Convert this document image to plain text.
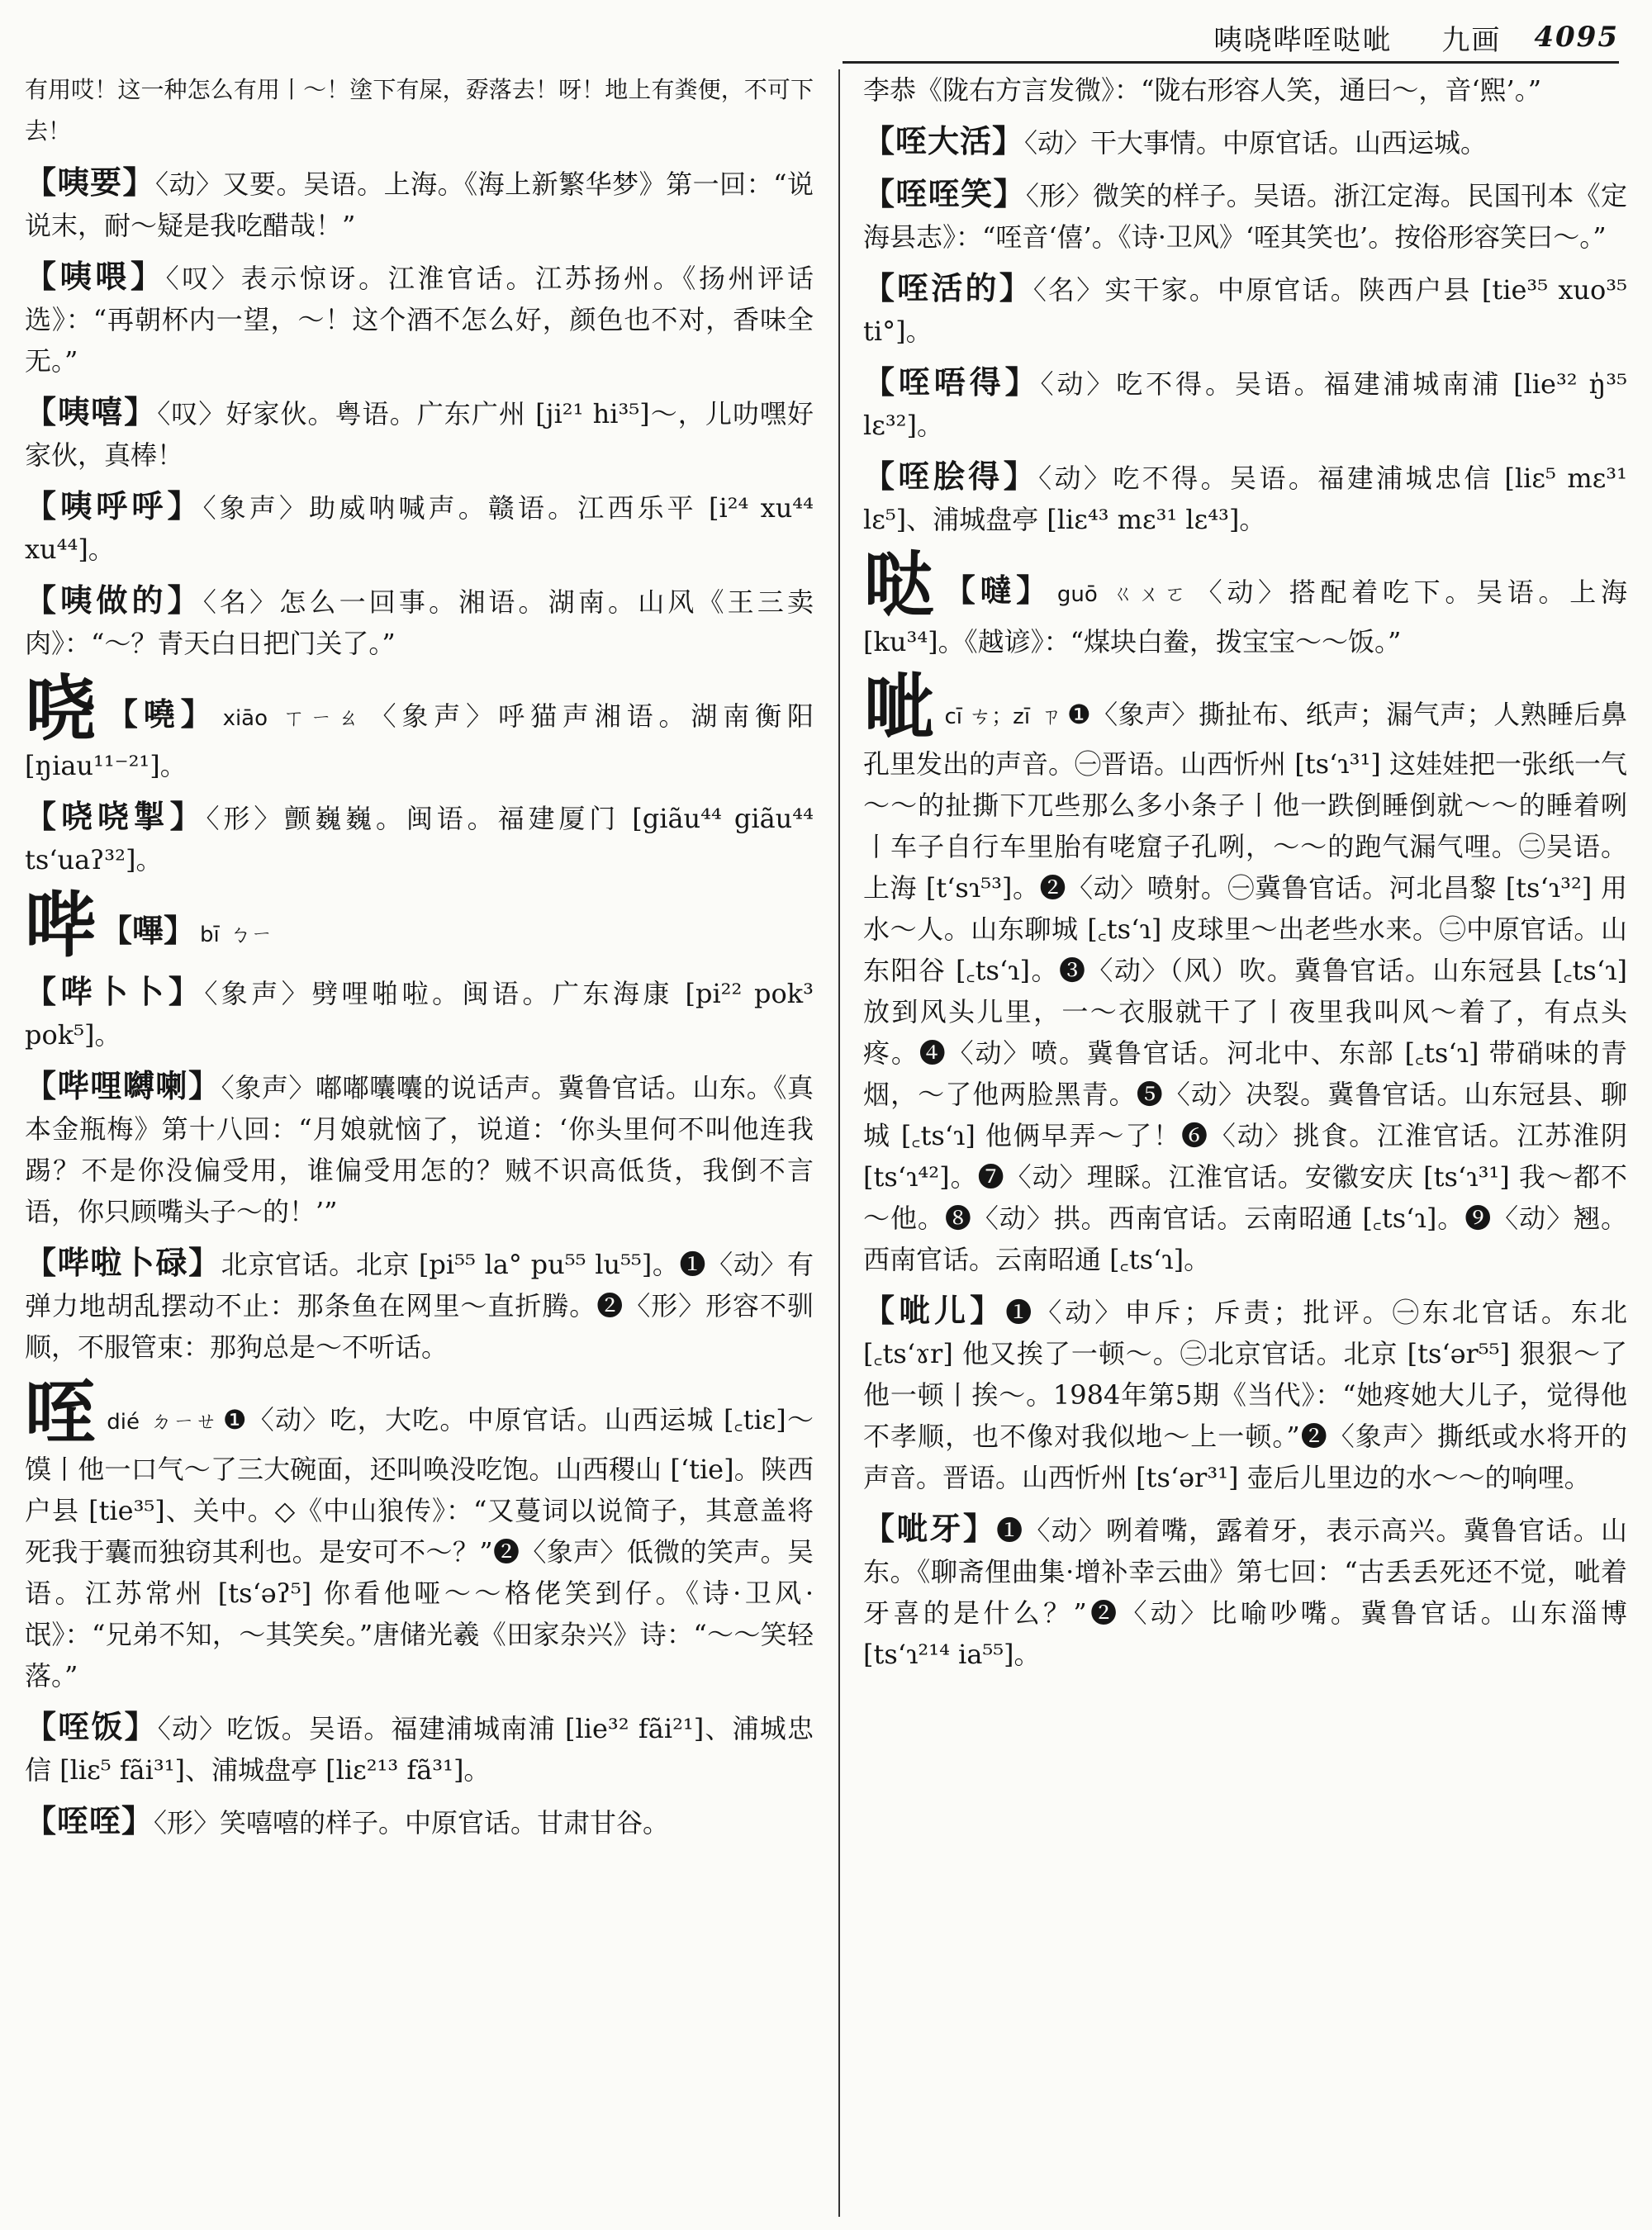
咦哓哔咥哒呲 九画 4095
有用哎！这一种怎么有用丨～！塗下有屎，孬落去！呀！地上有粪便，不可下去！
【 咦要 】 〈动〉又要。吴语。上海。《海上新繁华梦》第一回：“说说末，耐～疑是我吃醋哉！”
【 咦喂 】 〈叹〉表示惊讶。江淮官话。江苏扬州。《扬州评话选》：“再朝杯内一望，～！这个酒不怎么好，颜色也不对，香味全无。”
【 咦嘻 】 〈叹〉好家伙。粤语。广东广州 [ji²¹ hi³⁵]～，儿叻嘿好家伙，真棒！
【 咦呼呼 】 〈象声〉助威呐喊声。赣语。江西乐平 [i²⁴ xu⁴⁴ xu⁴⁴]。
【 咦做的 】 〈名〉怎么一回事。湘语。湖南。山风《王三卖肉》：“～？青天白日把门关了。”
哓 【 嘵 】 xiāo ㄒㄧㄠ 〈象声〉呼猫声湘语。湖南衡阳 [ŋiau¹¹⁻²¹]。
【 哓哓掣 】 〈形〉颤巍巍。闽语。福建厦门 [giãu⁴⁴ giãu⁴⁴ ts‘uaʔ³²]。
哔 【 嗶 】 bī ㄅㄧ
【 哔卜卜 】 〈象声〉劈哩啪啦。闽语。广东海康 [pi²² pok³ pok⁵]。
【 哔哩嚩喇 】 〈象声〉嘟嘟囔囔的说话声。冀鲁官话。山东。《真本金瓶梅》第十八回：“月娘就恼了，说道：‘你头里何不叫他连我踢？不是你没偏受用，谁偏受用怎的？贼不识高低货，我倒不言语，你只顾嘴头子～的！’”
【 哔啦卜碌 】 北京官话。北京 [pi⁵⁵ la° pu⁵⁵ lu⁵⁵]。❶〈动〉有弹力地胡乱摆动不止：那条鱼在网里～直折腾。❷〈形〉形容不驯顺，不服管束：那狗总是～不听话。
咥dié ㄉㄧㄝ ❶〈动〉吃，大吃。中原官话。山西运城 [꜀tiɛ]～馍丨他一口气～了三大碗面，还叫唤没吃饱。山西稷山 [‘tie]。陕西户县 [tie³⁵]、关中。◇《中山狼传》：“又蔓词以说简子，其意盖将死我于囊而独窃其利也。是安可不～？”❷〈象声〉低微的笑声。吴语。江苏常州 [ts‘əʔ⁵] 你看他哑～～格佬笑到仔。《诗·卫风·氓》：“兄弟不知，～其笑矣。”唐储光羲《田家杂兴》诗：“～～笑轻落。”
【 咥饭 】 〈动〉吃饭。吴语。福建浦城南浦 [lie³² fãi²¹]、浦城忠信 [liɛ⁵ fãi³¹]、浦城盘亭 [liɛ²¹³ fã³¹]。
【 咥咥 】 〈形〉笑嘻嘻的样子。中原官话。甘肃甘谷。
李恭《陇右方言发微》：“陇右形容人笑，通曰～，音‘熙’。”
【 咥大活 】 〈动〉干大事情。中原官话。山西运城。
【 咥咥笑 】 〈形〉微笑的样子。吴语。浙江定海。民国刊本《定海县志》：“咥音‘僖’。《诗·卫风》‘咥其笑也’。按俗形容笑曰～。”
【 咥活的 】 〈名〉实干家。中原官话。陕西户县 [tie³⁵ xuo³⁵ ti°]。
【 咥唔得 】 〈动〉吃不得。吴语。福建浦城南浦 [lie³² ŋ̍³⁵ lɛ³²]。
【 咥脍得 】 〈动〉吃不得。吴语。福建浦城忠信 [liɛ⁵ mɛ³¹ lɛ⁵]、浦城盘亭 [liɛ⁴³ mɛ³¹ lɛ⁴³]。
哒 【 噠 】 guō ㄍㄨㄛ 〈动〉搭配着吃下。吴语。上海 [ku³⁴]。《越谚》：“煤块白鲞，拨宝宝～～饭。”
呲cī ㄘ；zī ㄗ ❶〈象声〉撕扯布、纸声；漏气声；人熟睡后鼻孔里发出的声音。㊀晋语。山西忻州 [ts‘ɿ³¹] 这娃娃把一张纸一气～～的扯撕下兀些那么多小条子丨他一跌倒睡倒就～～的睡着咧丨车子自行车里胎有咾窟子孔咧，～～的跑气漏气哩。㊁吴语。上海 [t‘sɿ⁵³]。❷〈动〉喷射。㊀冀鲁官话。河北昌黎 [ts‘ɿ³²] 用水～人。山东聊城 [꜀ts‘ɿ] 皮球里～出老些水来。㊁中原官话。山东阳谷 [꜀ts‘ɿ]。❸〈动〉（风）吹。冀鲁官话。山东冠县 [꜀ts‘ɿ] 放到风头儿里，一～衣服就干了丨夜里我叫风～着了，有点头疼。❹〈动〉喷。冀鲁官话。河北中、东部 [꜀ts‘ɿ] 带硝味的青烟，～了他两脸黑青。❺〈动〉决裂。冀鲁官话。山东冠县、聊城 [꜀ts‘ɿ] 他俩早弄～了！❻〈动〉挑食。江淮官话。江苏淮阴 [ts‘ɿ⁴²]。❼〈动〉理睬。江淮官话。安徽安庆 [ts‘ɿ³¹] 我～都不～他。❽〈动〉拱。西南官话。云南昭通 [꜀ts‘ɿ]。❾〈动〉翘。西南官话。云南昭通 [꜀ts‘ɿ]。
【 呲儿 】 ❶〈动〉申斥；斥责；批评。㊀东北官话。东北 [꜀ts‘ɤr] 他又挨了一顿～。㊁北京官话。北京 [ts‘ər⁵⁵] 狠狠～了他一顿丨挨～。1984年第5期《当代》：“她疼她大儿子，觉得他不孝顺，也不像对我似地～上一顿。”❷〈象声〉撕纸或水将开的声音。晋语。山西忻州 [ts‘ər³¹] 壶后儿里边的水～～的响哩。
【 呲牙 】 ❶〈动〉咧着嘴，露着牙，表示高兴。冀鲁官话。山东。《聊斋俚曲集·增补幸云曲》第七回：“古丢丢死还不觉，呲着牙喜的是什么？”❷〈动〉比喻吵嘴。冀鲁官话。山东淄博 [ts‘ɿ²¹⁴ ia⁵⁵]。
